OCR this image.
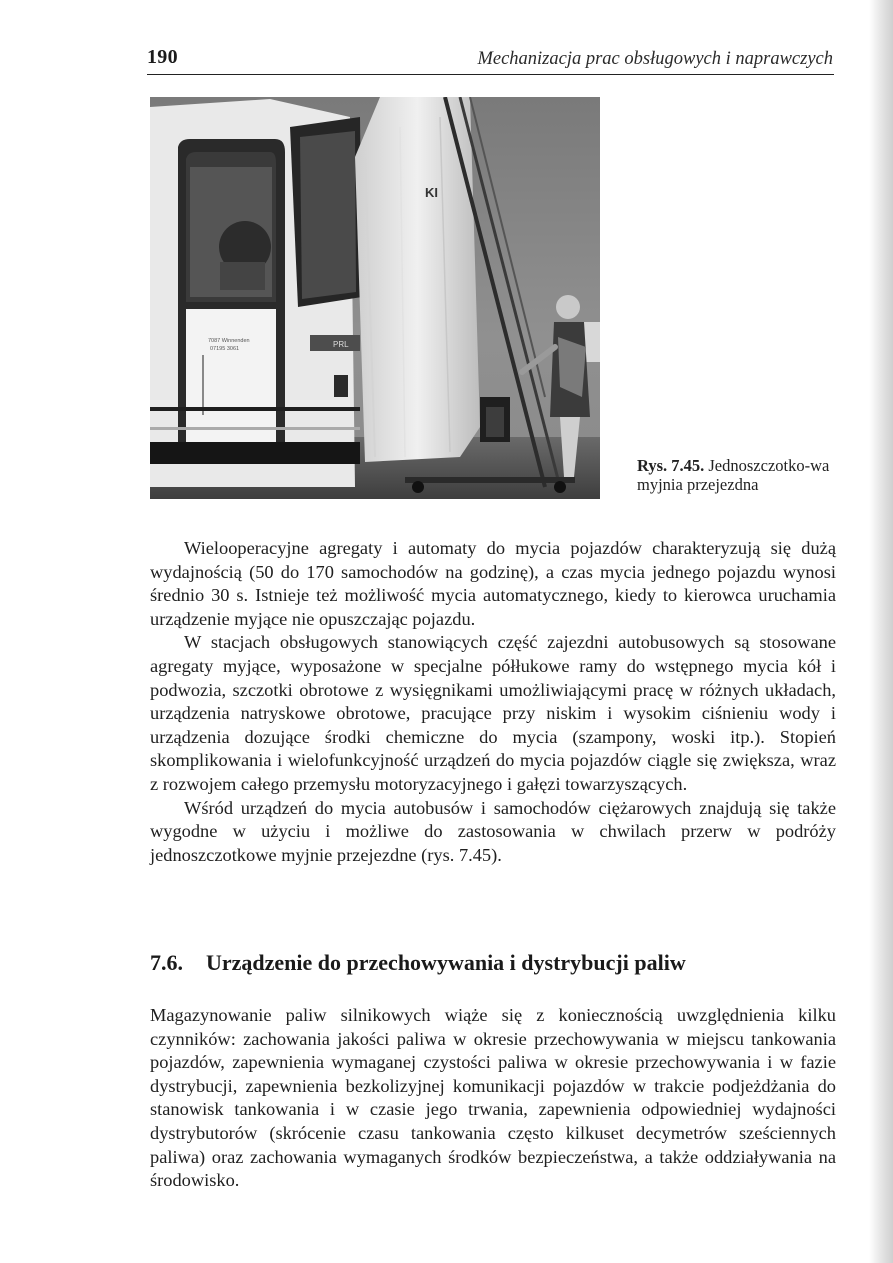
190	Mechanizacja prac obsługowych i naprawczych
7087 Winnenden
07195 3061
KI
PRL
Rys. 7.45. Jednoszczotko-wa myjnia przejezdna

Wielooperacyjne agregaty i automaty do mycia pojazdów charakteryzują się dużą wydajnością (50 do 170 samochodów na godzinę), a czas mycia jednego pojazdu wynosi średnio 30 s. Istnieje też możliwość mycia automatycznego, kiedy to kierowca uruchamia urządzenie myjące nie opuszczając pojazdu.

W stacjach obsługowych stanowiących część zajezdni autobusowych są stosowane agregaty myjące, wyposażone w specjalne półłukowe ramy do wstępnego mycia kół i podwozia, szczotki obrotowe z wysięgnikami umożliwiającymi pracę w różnych układach, urządzenia natryskowe obrotowe, pracujące przy niskim i wysokim ciśnieniu wody i urządzenia dozujące środki chemiczne do mycia (szampony, woski itp.). Stopień skomplikowania i wielofunkcyjność urządzeń do mycia pojazdów ciągle się zwiększa, wraz z rozwojem całego przemysłu motoryzacyjnego i gałęzi towarzyszących.

Wśród urządzeń do mycia autobusów i samochodów ciężarowych znajdują się także wygodne w użyciu i możliwe do zastosowania w chwilach przerw w podróży jednoszczotkowe myjnie przejezdne (rys. 7.45).

7.6. Urządzenie do przechowywania i dystrybucji paliw

Magazynowanie paliw silnikowych wiąże się z koniecznością uwzględnienia kilku czynników: zachowania jakości paliwa w okresie przechowywania w miejscu tankowania pojazdów, zapewnienia wymaganej czystości paliwa w okresie przechowywania i w fazie dystrybucji, zapewnienia bezkolizyjnej komunikacji pojazdów w trakcie podjeżdżania do stanowisk tankowania i w czasie jego trwania, zapewnienia odpowiedniej wydajności dystrybutorów (skrócenie czasu tankowania często kilkuset decymetrów sześciennych paliwa) oraz zachowania wymaganych środków bezpieczeństwa, a także oddziaływania na środowisko.
